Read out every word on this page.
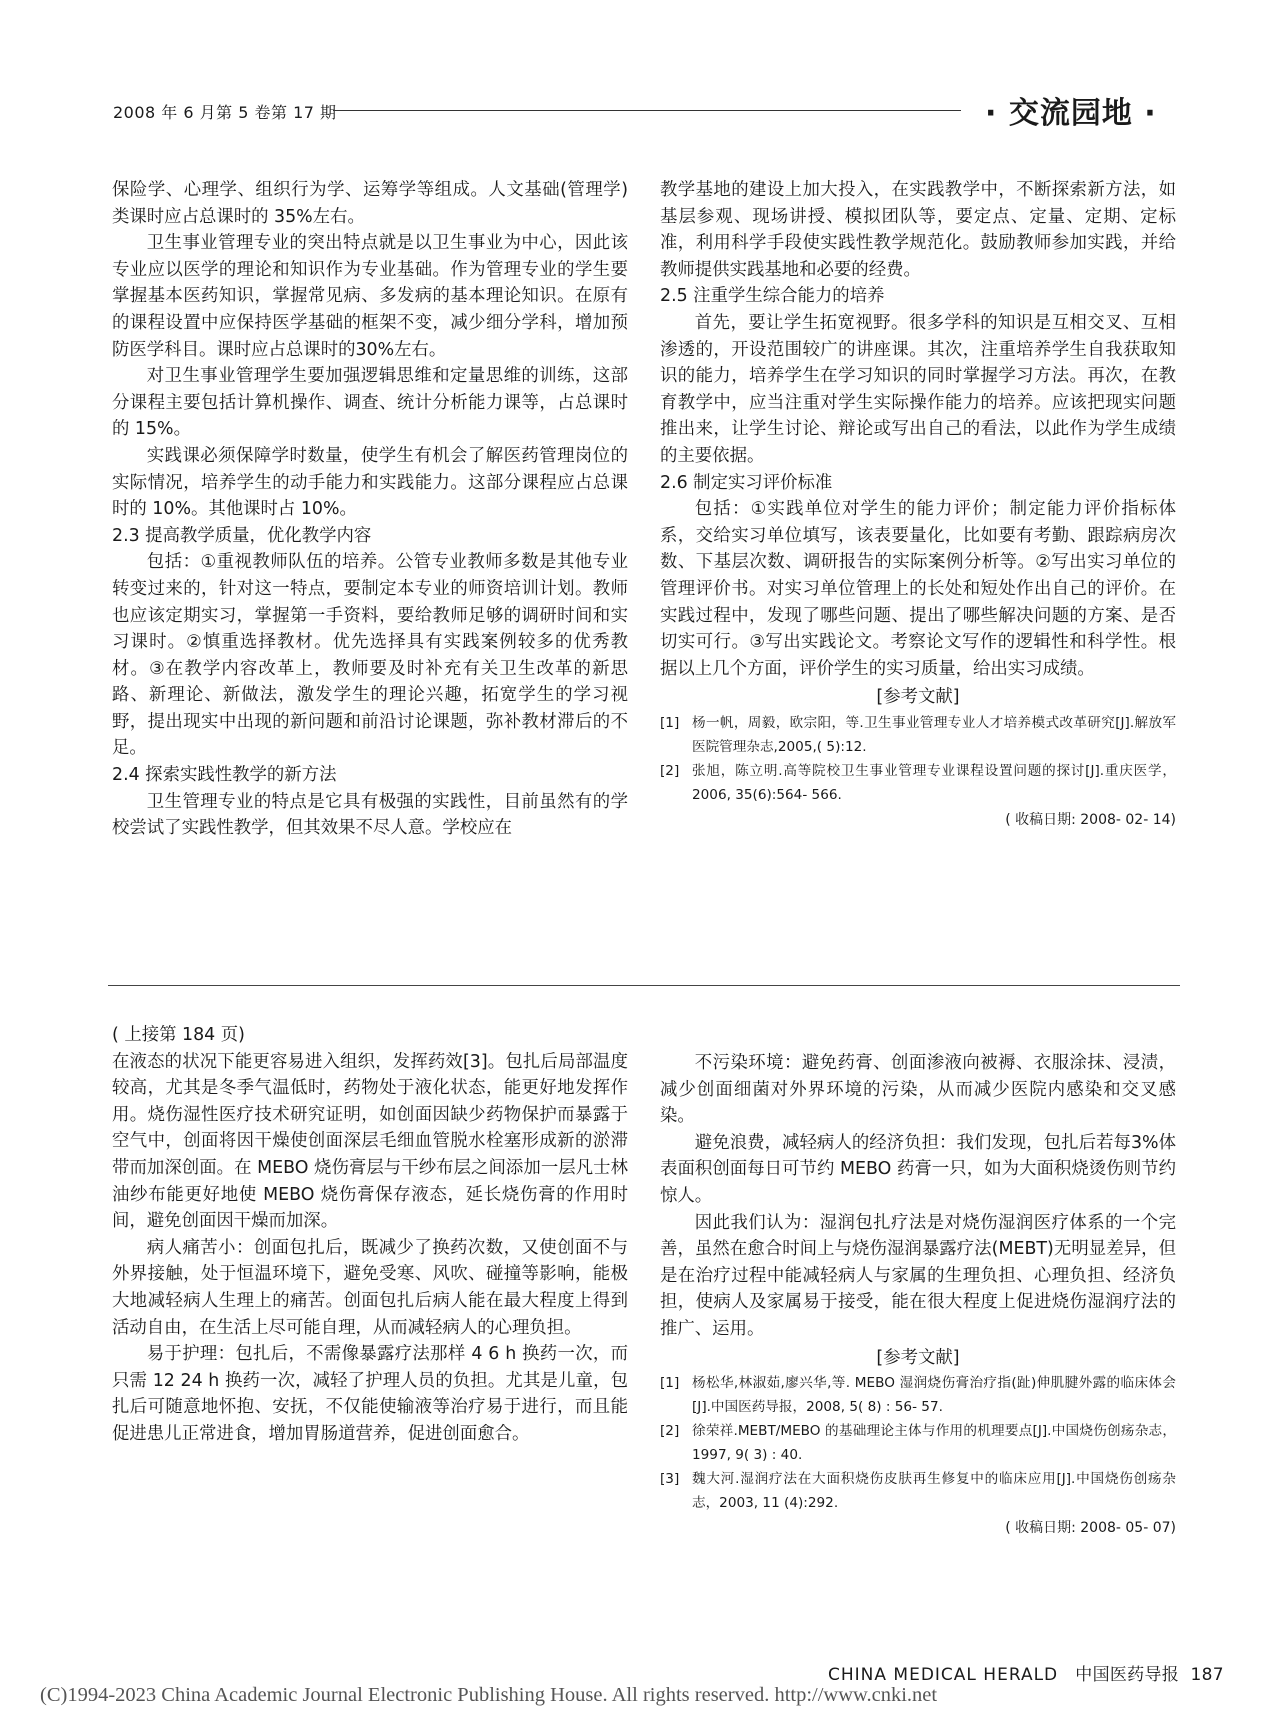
2008 年 6 月第 5 卷第 17 期	· 交流园地 ·

保险学、心理学、组织行为学、运筹学等组成。人文基础(管理学) 类课时应占总课时的 35%左右。

卫生事业管理专业的突出特点就是以卫生事业为中心，因此该专业应以医学的理论和知识作为专业基础。作为管理专业的学生要掌握基本医药知识，掌握常见病、多发病的基本理论知识。在原有的课程设置中应保持医学基础的框架不变，减少细分学科，增加预防医学科目。课时应占总课时的30%左右。

对卫生事业管理学生要加强逻辑思维和定量思维的训练，这部分课程主要包括计算机操作、调查、统计分析能力课等，占总课时的 15%。

实践课必须保障学时数量，使学生有机会了解医药管理岗位的实际情况，培养学生的动手能力和实践能力。这部分课程应占总课时的 10%。其他课时占 10%。

2.3 提高教学质量，优化教学内容

包括：①重视教师队伍的培养。公管专业教师多数是其他专业转变过来的，针对这一特点，要制定本专业的师资培训计划。教师也应该定期实习，掌握第一手资料，要给教师足够的调研时间和实习课时。②慎重选择教材。优先选择具有实践案例较多的优秀教材。③在教学内容改革上，教师要及时补充有关卫生改革的新思路、新理论、新做法，激发学生的理论兴趣，拓宽学生的学习视野，提出现实中出现的新问题和前沿讨论课题，弥补教材滞后的不足。

2.4 探索实践性教学的新方法

卫生管理专业的特点是它具有极强的实践性，目前虽然有的学校尝试了实践性教学，但其效果不尽人意。学校应在

教学基地的建设上加大投入，在实践教学中，不断探索新方法，如基层参观、现场讲授、模拟团队等，要定点、定量、定期、定标准，利用科学手段使实践性教学规范化。鼓励教师参加实践，并给教师提供实践基地和必要的经费。

2.5 注重学生综合能力的培养

首先，要让学生拓宽视野。很多学科的知识是互相交叉、互相渗透的，开设范围较广的讲座课。其次，注重培养学生自我获取知识的能力，培养学生在学习知识的同时掌握学习方法。再次，在教育教学中，应当注重对学生实际操作能力的培养。应该把现实问题推出来，让学生讨论、辩论或写出自己的看法，以此作为学生成绩的主要依据。

2.6 制定实习评价标准

包括：①实践单位对学生的能力评价；制定能力评价指标体系，交给实习单位填写，该表要量化，比如要有考勤、跟踪病房次数、下基层次数、调研报告的实际案例分析等。②写出实习单位的管理评价书。对实习单位管理上的长处和短处作出自己的评价。在实践过程中，发现了哪些问题、提出了哪些解决问题的方案、是否切实可行。③写出实践论文。考察论文写作的逻辑性和科学性。根据以上几个方面，评价学生的实习质量，给出实习成绩。

[参考文献]

[1] 杨一帆，周毅，欧宗阳，等.卫生事业管理专业人才培养模式改革研究[J].解放军医院管理杂志,2005,( 5):12.
[2] 张旭，陈立明.高等院校卫生事业管理专业课程设置问题的探讨[J].重庆医学，2006, 35(6):564- 566.

( 收稿日期: 2008- 02- 14)

( 上接第 184 页)

在液态的状况下能更容易进入组织，发挥药效[3]。包扎后局部温度较高，尤其是冬季气温低时，药物处于液化状态，能更好地发挥作用。烧伤湿性医疗技术研究证明，如创面因缺少药物保护而暴露于空气中，创面将因干燥使创面深层毛细血管脱水栓塞形成新的淤滞带而加深创面。在 MEBO 烧伤膏层与干纱布层之间添加一层凡士林油纱布能更好地使 MEBO 烧伤膏保存液态，延长烧伤膏的作用时间，避免创面因干燥而加深。

病人痛苦小：创面包扎后，既减少了换药次数，又使创面不与外界接触，处于恒温环境下，避免受寒、风吹、碰撞等影响，能极大地减轻病人生理上的痛苦。创面包扎后病人能在最大程度上得到活动自由，在生活上尽可能自理，从而减轻病人的心理负担。

易于护理：包扎后，不需像暴露疗法那样 4 6 h 换药一次，而只需 12 24 h 换药一次，减轻了护理人员的负担。尤其是儿童，包扎后可随意地怀抱、安抚，不仅能使输液等治疗易于进行，而且能促进患儿正常进食，增加胃肠道营养，促进创面愈合。

不污染环境：避免药膏、创面渗液向被褥、衣服涂抹、浸渍，减少创面细菌对外界环境的污染，从而减少医院内感染和交叉感染。

避免浪费，减轻病人的经济负担：我们发现，包扎后若每3%体表面积创面每日可节约 MEBO 药膏一只，如为大面积烧烫伤则节约惊人。

因此我们认为：湿润包扎疗法是对烧伤湿润医疗体系的一个完善，虽然在愈合时间上与烧伤湿润暴露疗法(MEBT)无明显差异，但是在治疗过程中能减轻病人与家属的生理负担、心理负担、经济负担，使病人及家属易于接受，能在很大程度上促进烧伤湿润疗法的推广、运用。

[参考文献]

[1] 杨松华,林淑茹,廖兴华,等. MEBO 湿润烧伤膏治疗指(趾)伸肌腱外露的临床体会[J].中国医药导报，2008, 5( 8) : 56- 57.
[2] 徐荣祥.MEBT/MEBO 的基础理论主体与作用的机理要点[J].中国烧伤创疡杂志，1997, 9( 3) : 40.
[3] 魏大河.湿润疗法在大面积烧伤皮肤再生修复中的临床应用[J].中国烧伤创疡杂志，2003, 11 (4):292.

( 收稿日期: 2008- 05- 07)

CHINA MEDICAL HERALD 中国医药导报 187
(C)1994-2023 China Academic Journal Electronic Publishing House. All rights reserved. http://www.cnki.net
